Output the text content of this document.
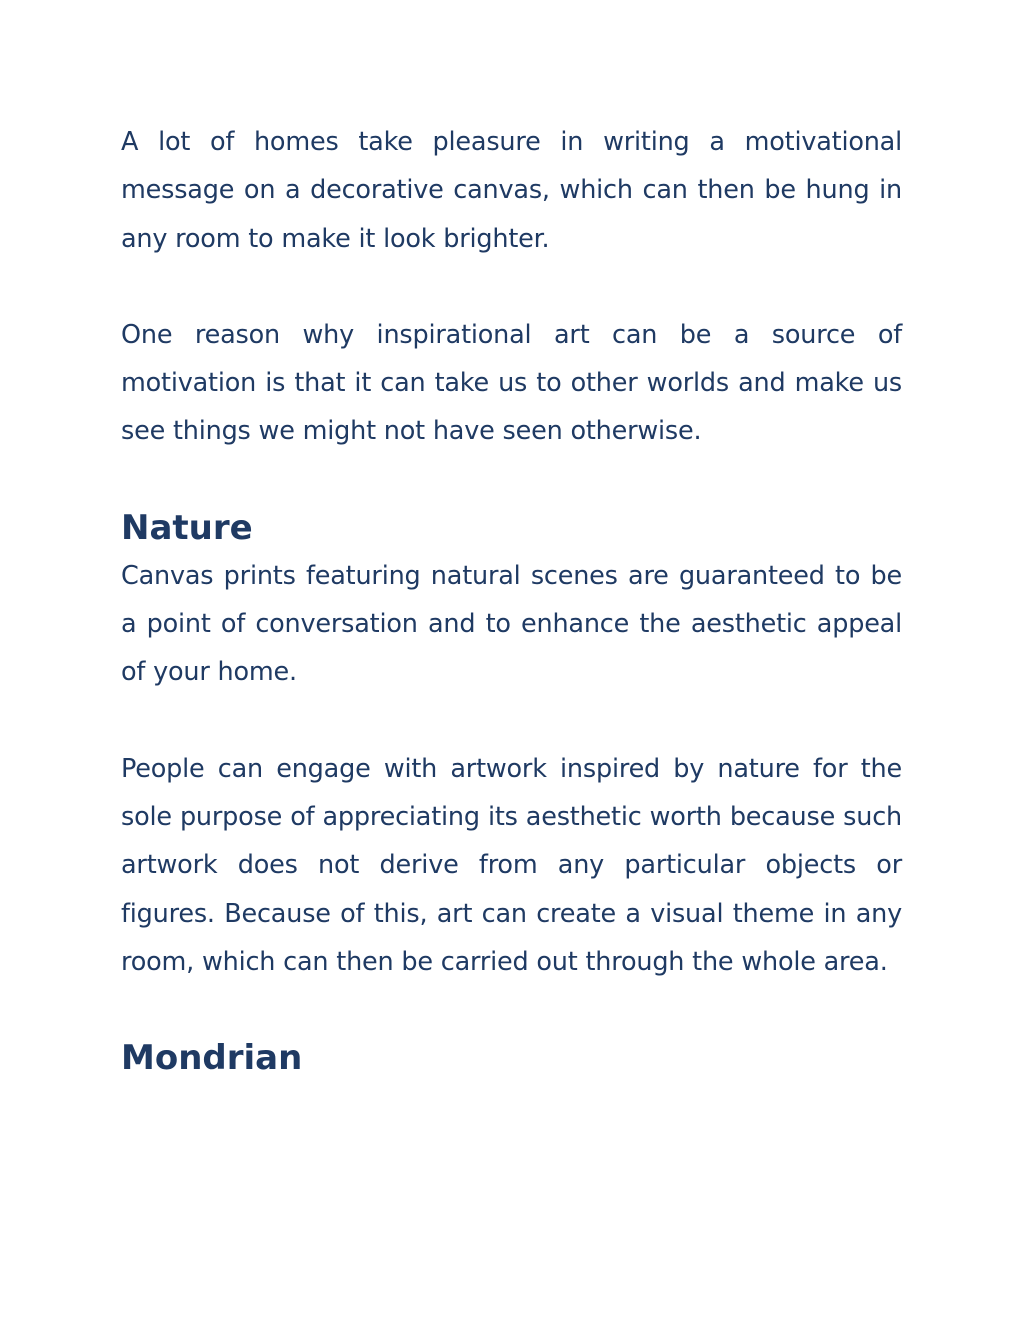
A lot of homes take pleasure in writing a motivational message on a decorative canvas, which can then be hung in any room to make it look brighter.

One reason why inspirational art can be a source of motivation is that it can take us to other worlds and make us see things we might not have seen otherwise.

Nature

Canvas prints featuring natural scenes are guaranteed to be a point of conversation and to enhance the aesthetic appeal of your home.

People can engage with artwork inspired by nature for the sole purpose of appreciating its aesthetic worth because such artwork does not derive from any particular objects or figures. Because of this, art can create a visual theme in any room, which can then be carried out through the whole area.

Mondrian
